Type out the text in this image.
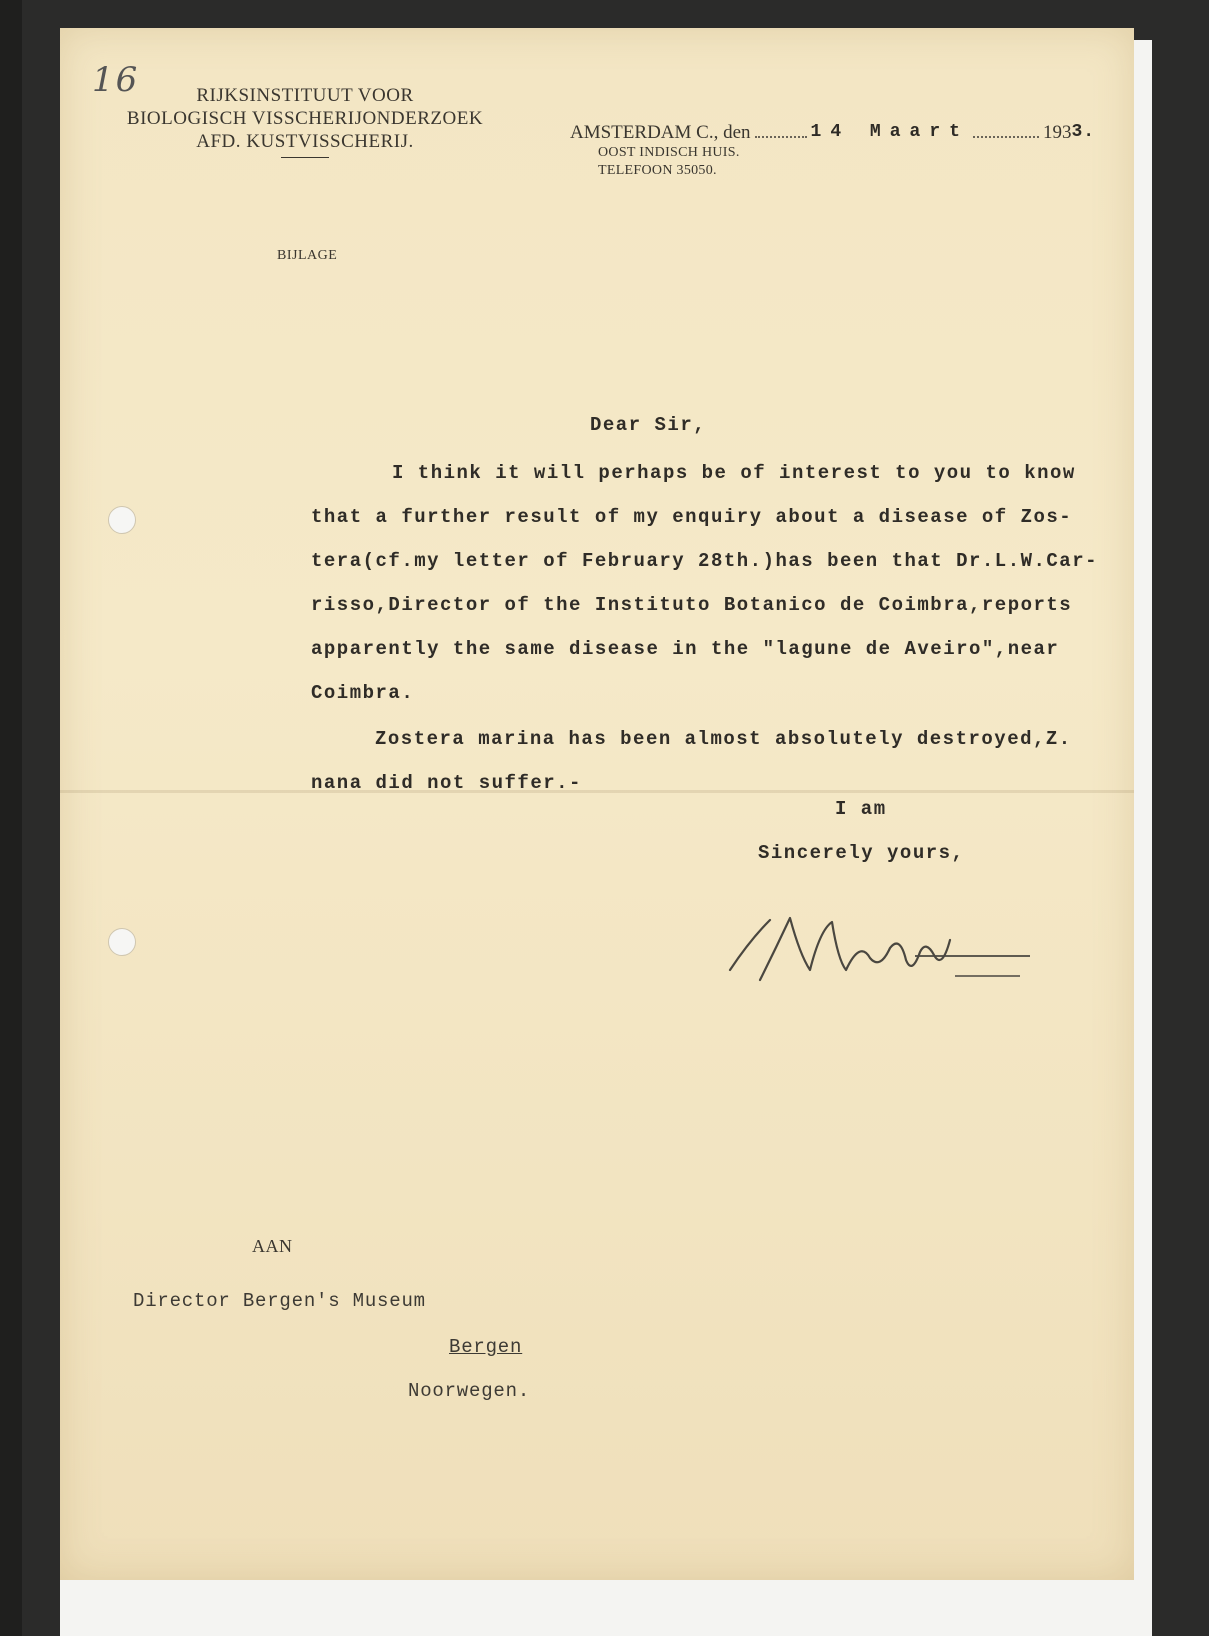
16	RIJKSINSTITUUT VOOR
BIOLOGISCH VISSCHERIJONDERZOEK
AFD. KUSTVISSCHERIJ.	AMSTERDAM C., den	14 Maart	193 3.
OOST INDISCH HUIS.
TELEFOON 35050.
BIJLAGE
Dear Sir,
I think it will perhaps be of interest to you to know
that a further result of my enquiry about a disease of Zos-
tera(cf.my letter of February 28th.)has been that Dr.L.W.Car-
risso,Director of the Instituto Botanico de Coimbra,reports
apparently the same disease in the "lagune de Aveiro",near
Coimbra.
Zostera marina has been almost absolutely destroyed,Z.
nana did not suffer.-
I am
Sincerely yours,
AAN
Director Bergen's Museum
Bergen
Noorwegen.
